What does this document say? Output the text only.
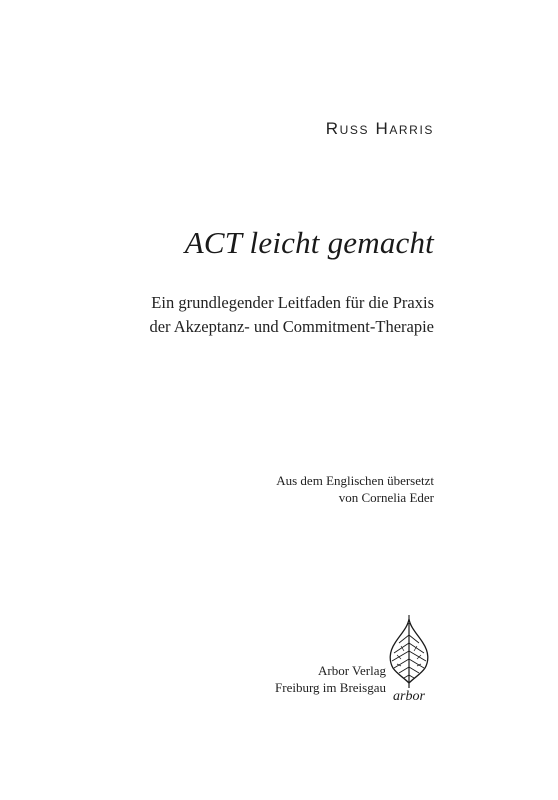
Russ Harris
ACT leicht gemacht
Ein grundlegender Leitfaden für die Praxis
der Akzeptanz- und Commitment-Therapie
Aus dem Englischen übersetzt
von Cornelia Eder
Arbor Verlag
Freiburg im Breisgau
arbor
